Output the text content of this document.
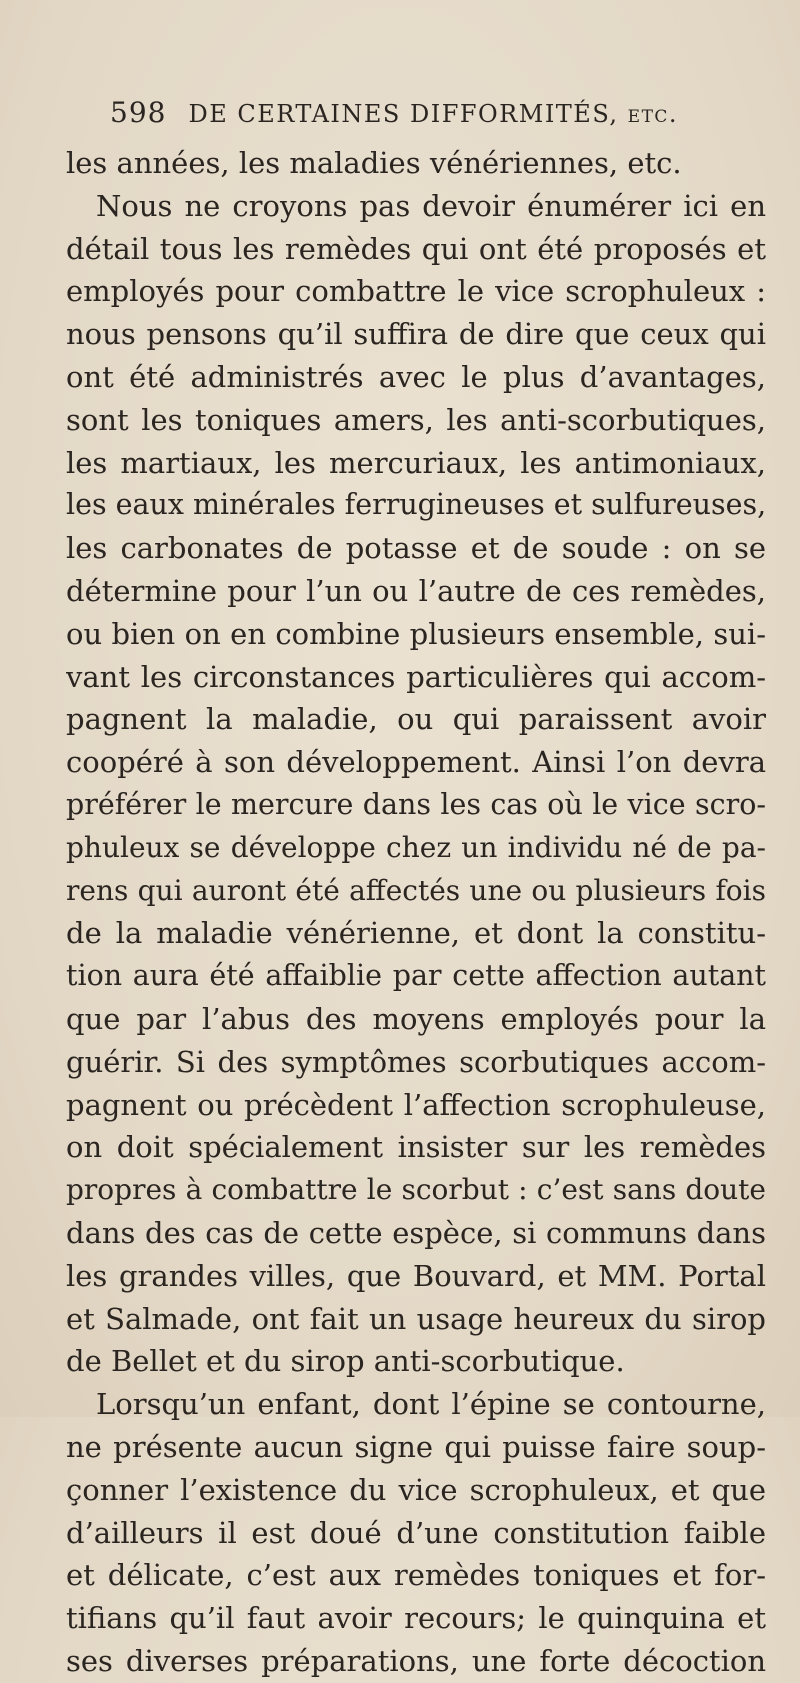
598 DE CERTAINES DIFFORMITÉS, etc.
les années, les maladies vénériennes, etc.
Nous ne croyons pas devoir énumérer ici en
détail tous les remèdes qui ont été proposés et
employés pour combattre le vice scrophuleux :
nous pensons qu’il suffira de dire que ceux qui
ont été administrés avec le plus d’avantages,
sont les toniques amers, les anti-scorbutiques,
les martiaux, les mercuriaux, les antimoniaux,
les eaux minérales ferrugineuses et sulfureuses,
les carbonates de potasse et de soude : on se
détermine pour l’un ou l’autre de ces remèdes,
ou bien on en combine plusieurs ensemble, sui-
vant les circonstances particulières qui accom-
pagnent la maladie, ou qui paraissent avoir
coopéré à son développement. Ainsi l’on devra
préférer le mercure dans les cas où le vice scro-
phuleux se développe chez un individu né de pa-
rens qui auront été affectés une ou plusieurs fois
de la maladie vénérienne, et dont la constitu-
tion aura été affaiblie par cette affection autant
que par l’abus des moyens employés pour la
guérir. Si des symptômes scorbutiques accom-
pagnent ou précèdent l’affection scrophuleuse,
on doit spécialement insister sur les remèdes
propres à combattre le scorbut : c’est sans doute
dans des cas de cette espèce, si communs dans
les grandes villes, que Bouvard, et MM. Portal
et Salmade, ont fait un usage heureux du sirop
de Bellet et du sirop anti-scorbutique.
Lorsqu’un enfant, dont l’épine se contourne,
ne présente aucun signe qui puisse faire soup-
çonner l’existence du vice scrophuleux, et que
d’ailleurs il est doué d’une constitution faible
et délicate, c’est aux remèdes toniques et for-
tifians qu’il faut avoir recours; le quinquina et
ses diverses préparations, une forte décoction
